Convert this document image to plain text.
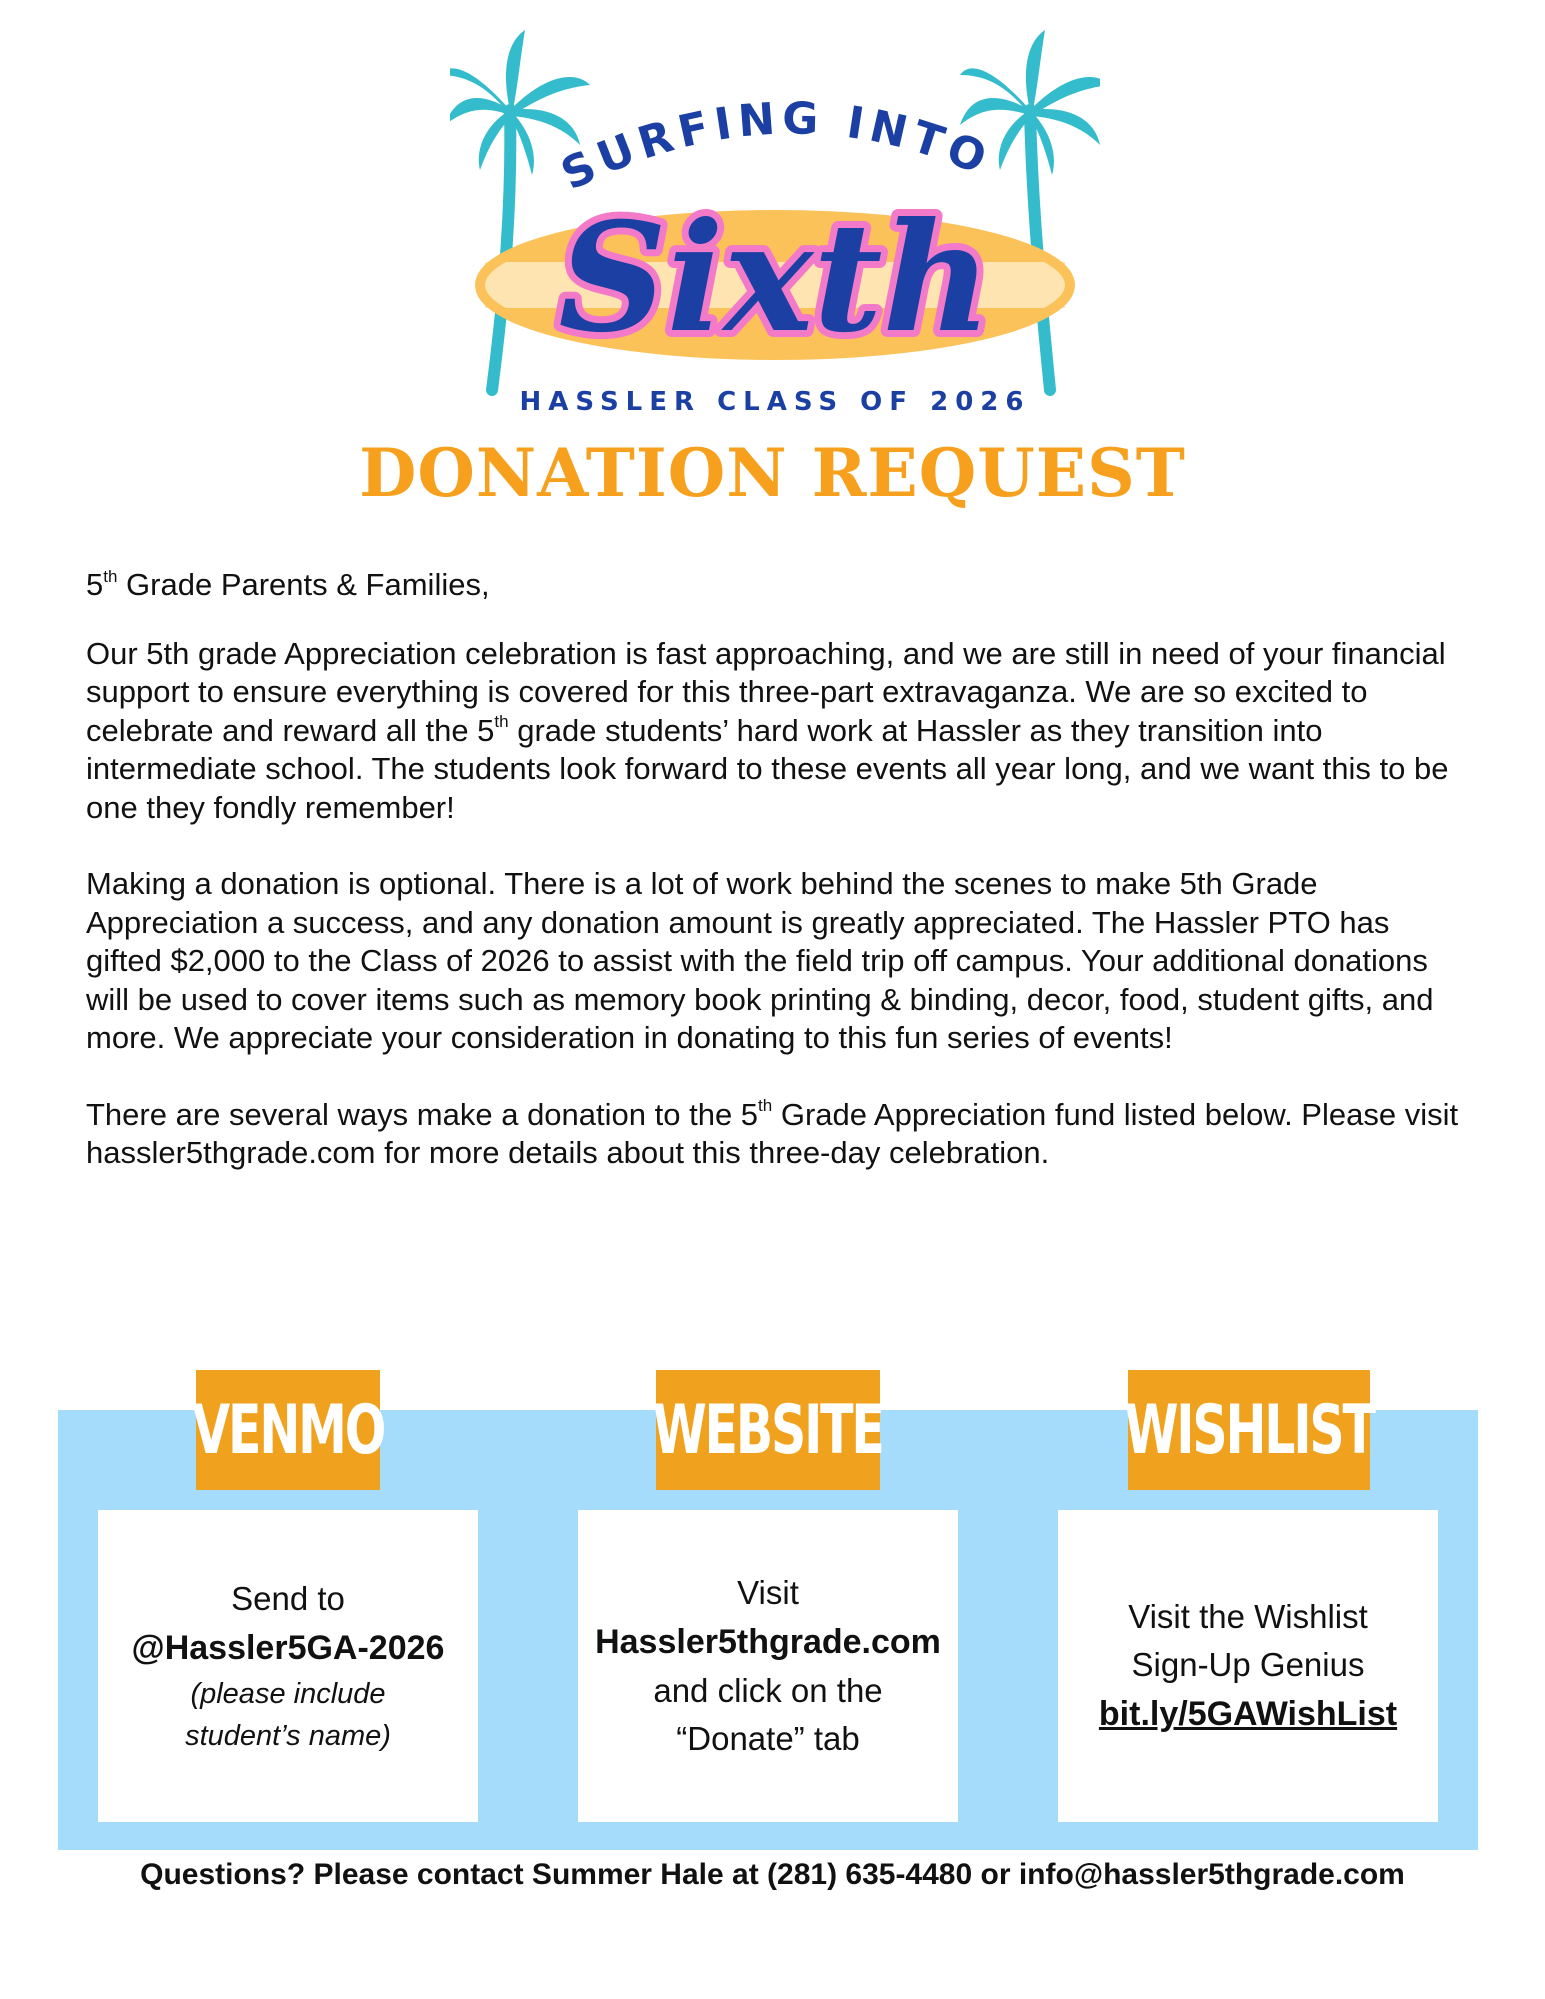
SURFING INTO
Sixth
HASSLER CLASS OF 2026
DONATION REQUEST

5th Grade Parents & Families,

Our 5th grade Appreciation celebration is fast approaching, and we are still in need of your financial support to ensure everything is covered for this three-part extravaganza. We are so excited to celebrate and reward all the 5th grade students’ hard work at Hassler as they transition into intermediate school. The students look forward to these events all year long, and we want this to be one they fondly remember!

Making a donation is optional. There is a lot of work behind the scenes to make 5th Grade Appreciation a success, and any donation amount is greatly appreciated. The Hassler PTO has gifted $2,000 to the Class of 2026 to assist with the field trip off campus. Your additional donations will be used to cover items such as memory book printing & binding, decor, food, student gifts, and more. We appreciate your consideration in donating to this fun series of events!

There are several ways make a donation to the 5th Grade Appreciation fund listed below. Please visit hassler5thgrade.com for more details about this three-day celebration.

VENMO	WEBSITE	WISHLIST
Send to
@Hassler5GA-2026
(please include
student’s name)
Visit
Hassler5thgrade.com
and click on the
“Donate” tab
Visit the Wishlist
Sign-Up Genius
bit.ly/5GAWishList

Questions? Please contact Summer Hale at (281) 635-4480 or info@hassler5thgrade.com
